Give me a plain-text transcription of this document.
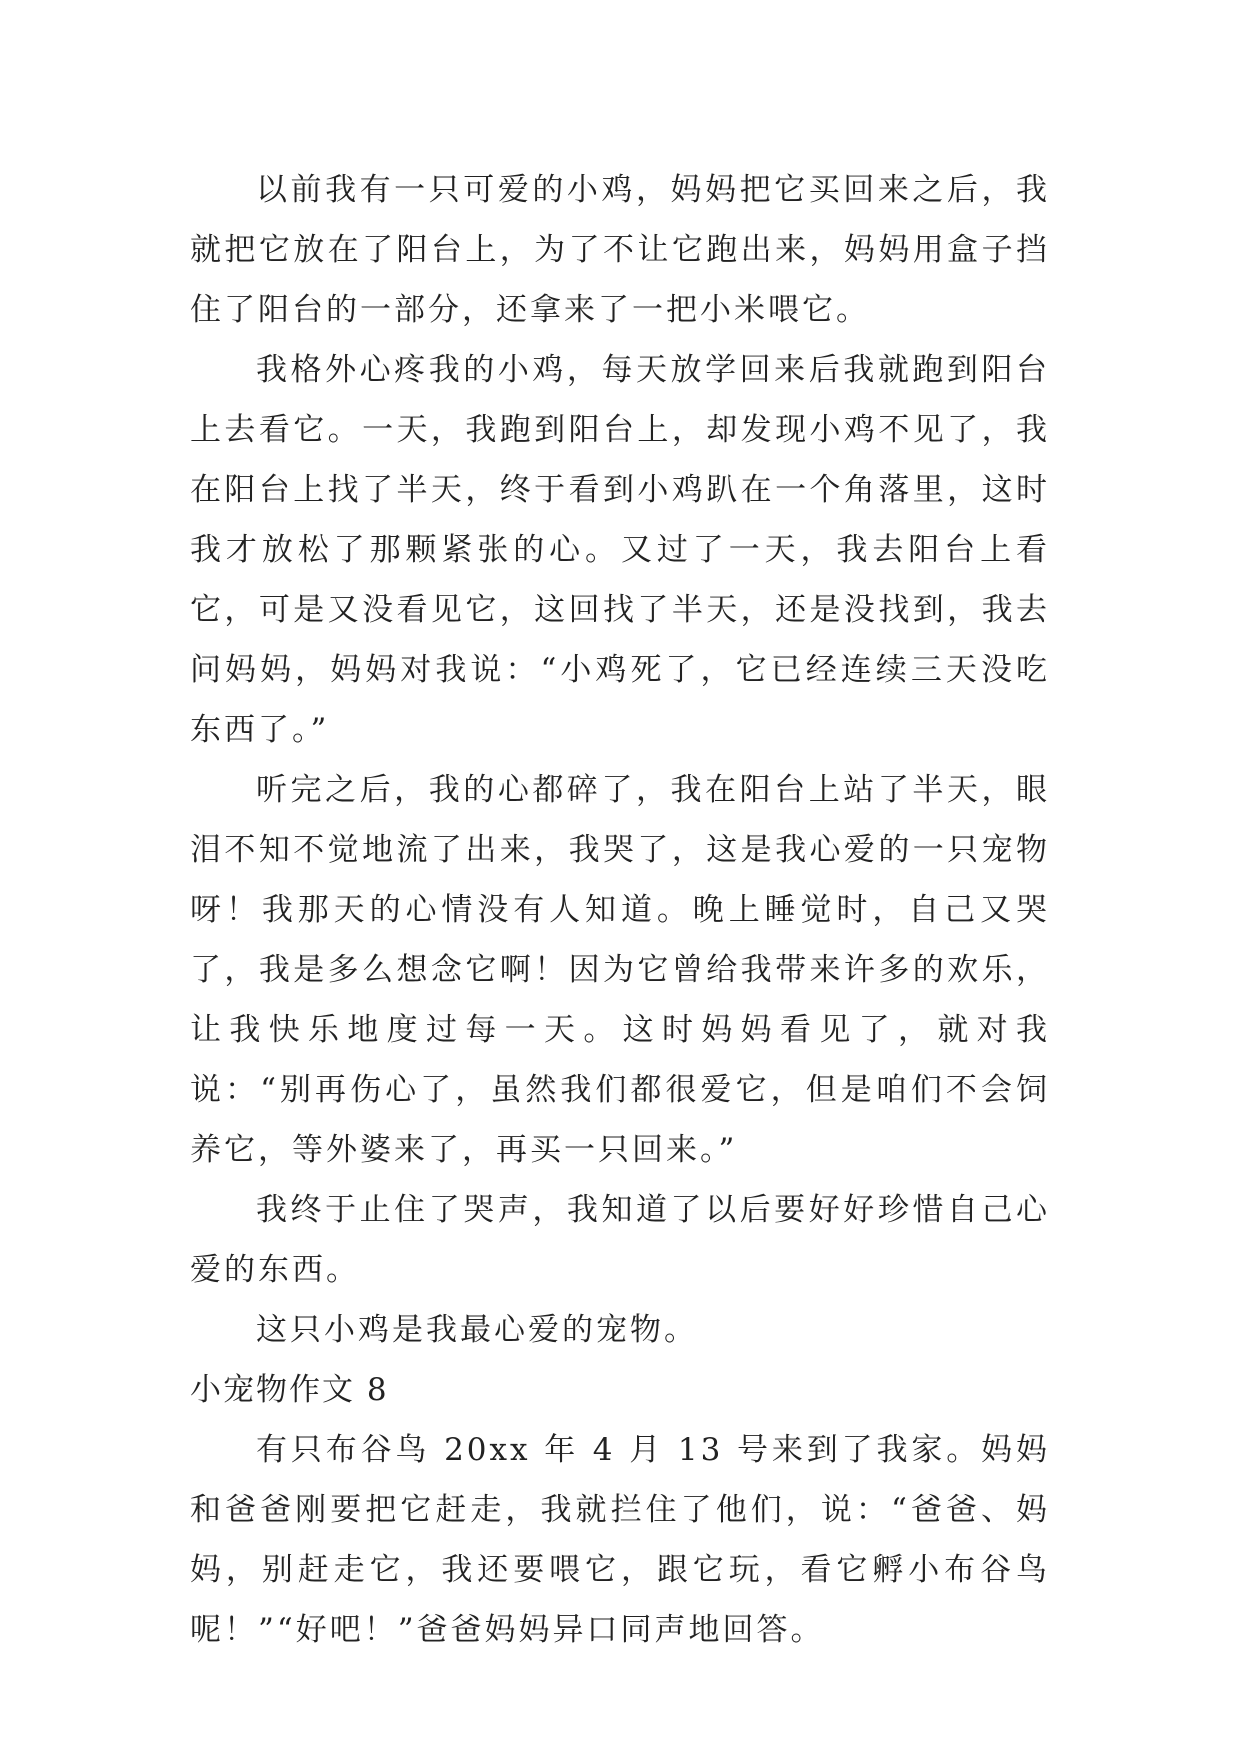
以前我有一只可爱的小鸡，妈妈把它买回来之后，我就把它放在了阳台上，为了不让它跑出来，妈妈用盒子挡住了阳台的一部分，还拿来了一把小米喂它。

我格外心疼我的小鸡，每天放学回来后我就跑到阳台上去看它。一天，我跑到阳台上，却发现小鸡不见了，我在阳台上找了半天，终于看到小鸡趴在一个角落里，这时我才放松了那颗紧张的心。又过了一天，我去阳台上看它，可是又没看见它，这回找了半天，还是没找到，我去问妈妈，妈妈对我说：“小鸡死了，它已经连续三天没吃东西了。”

听完之后，我的心都碎了，我在阳台上站了半天，眼泪不知不觉地流了出来，我哭了，这是我心爱的一只宠物呀！我那天的心情没有人知道。晚上睡觉时，自己又哭了，我是多么想念它啊！因为它曾给我带来许多的欢乐，让我快乐地度过每一天。这时妈妈看见了，就对我说：“别再伤心了，虽然我们都很爱它，但是咱们不会饲养它，等外婆来了，再买一只回来。”

我终于止住了哭声，我知道了以后要好好珍惜自己心爱的东西。

这只小鸡是我最心爱的宠物。

小宠物作文 8

有只布谷鸟 20xx 年 4 月 13 号来到了我家。妈妈和爸爸刚要把它赶走，我就拦住了他们，说：“爸爸、妈妈，别赶走它，我还要喂它，跟它玩，看它孵小布谷鸟呢！”“好吧！”爸爸妈妈异口同声地回答。
